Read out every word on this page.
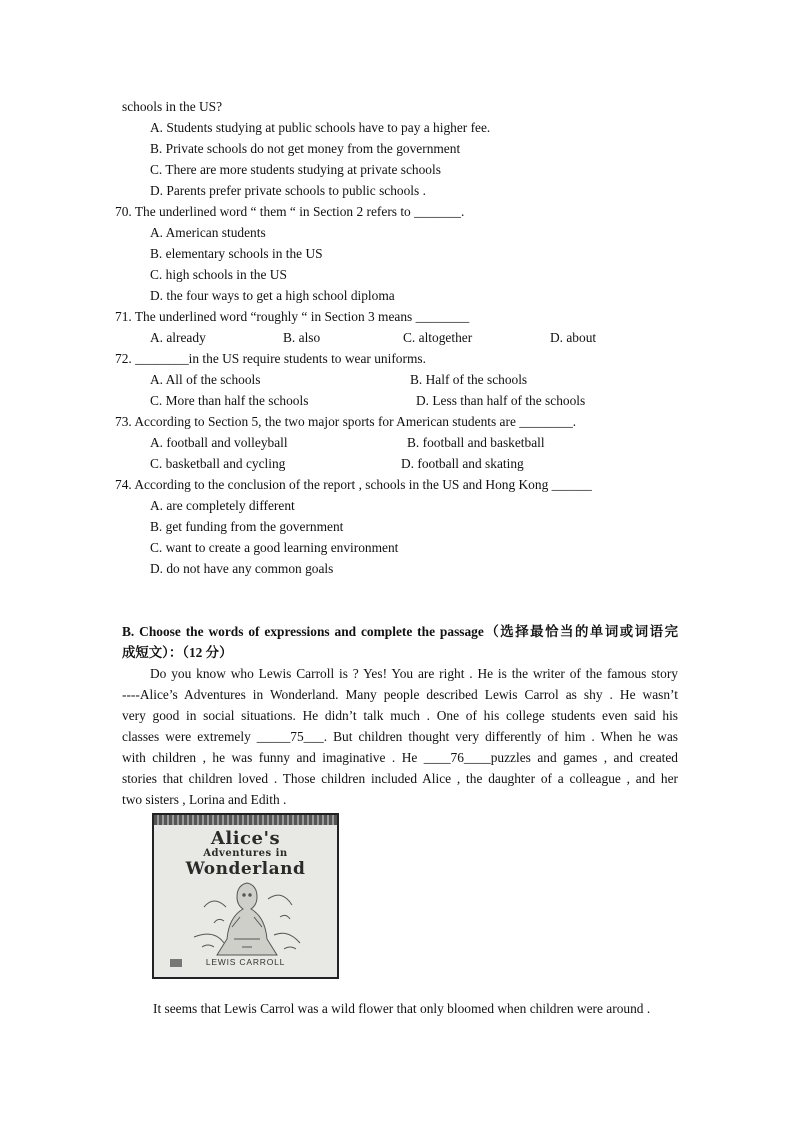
schools in the US?
A. Students studying at public schools have to pay a higher fee.
B. Private schools do not get money from the government
C. There are more students studying at private schools
D. Parents prefer private schools to public schools .
70. The underlined word “ them “ in Section 2 refers to _______.
A. American students
B. elementary schools in the US
C. high schools in the US
D. the four ways to get a high school diploma
71. The underlined word “roughly “ in Section 3 means ________
A. already	B. also	C. altogether	D. about
72. ________in the US require students to wear uniforms.
A. All of the schools	B. Half of the schools
C. More than half the schools	D. Less than half of the schools
73. According to Section 5, the two major sports for American students are ________.
A. football and volleyball	B. football and basketball
C. basketball and cycling	D. football and skating
74. According to the conclusion of the report , schools in the US and Hong Kong ______
A. are completely different
B. get funding from the government
C. want to create a good learning environment
D. do not have any common goals
B. Choose the words of expressions and complete the passage（选择最恰当的单词或词语完
成短文）：（12 分）
Do you know who Lewis Carroll is ? Yes! You are right . He is the writer of the famous story
----Alice’s Adventures in Wonderland. Many people described Lewis Carrol as shy . He wasn’t
very good in social situations. He didn’t talk much . One of his college students even said his
classes were extremely _____75___. But children thought very differently of him . When he was
with children , he was funny and imaginative . He ____76____puzzles and games , and created
stories that children loved . Those children included Alice , the daughter of a colleague , and her
two sisters , Lorina and Edith .
Alice's
Adventures in
Wonderland
LEWIS CARROLL
It seems that Lewis Carrol was a wild flower that only bloomed when children were around .
